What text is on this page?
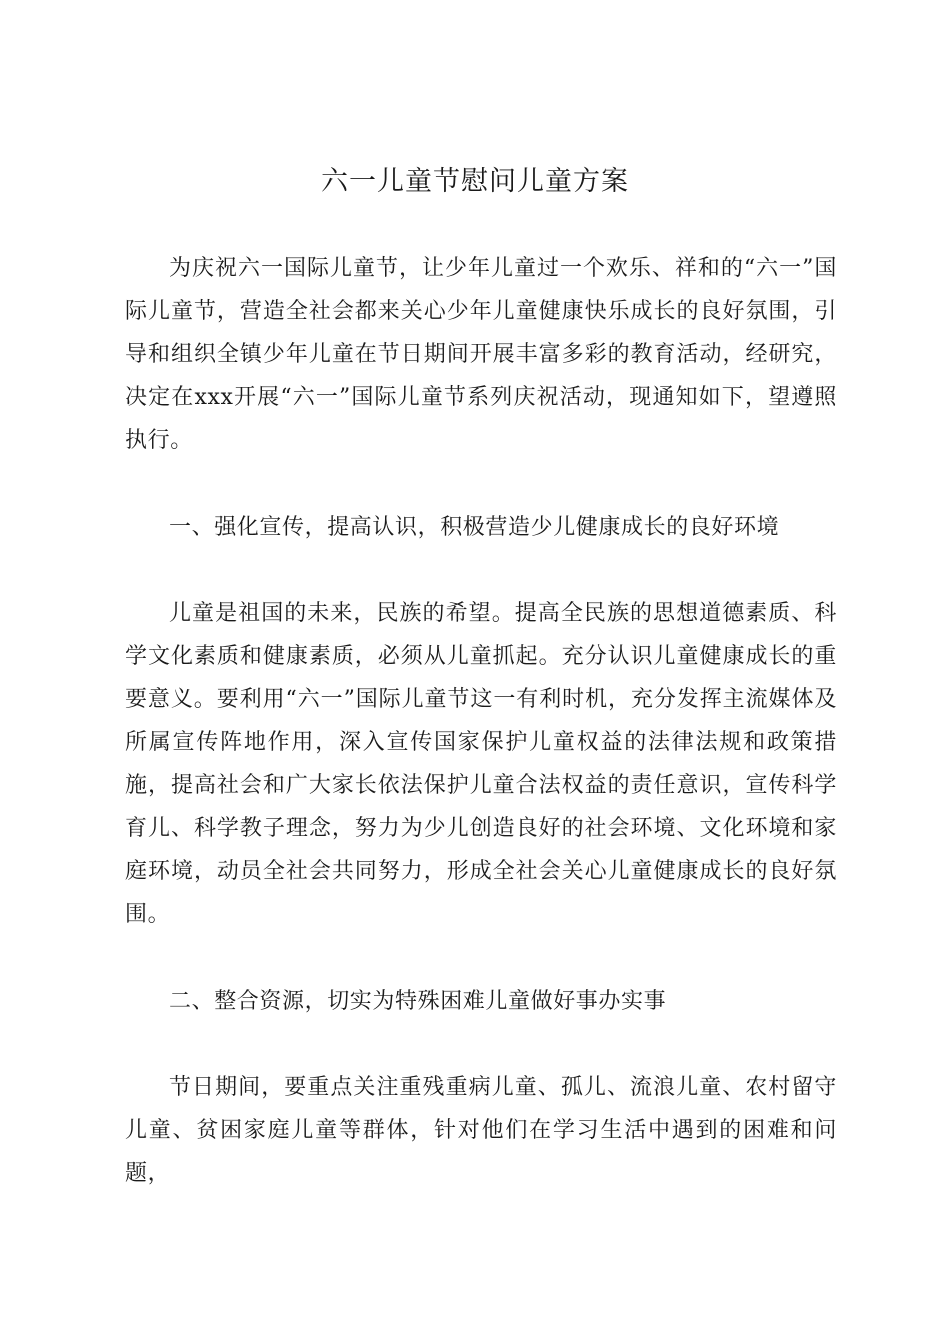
六一儿童节慰问儿童方案

为庆祝六一国际儿童节，让少年儿童过一个欢乐、祥和的“六一”国际儿童节，营造全社会都来关心少年儿童健康快乐成长的良好氛围，引导和组织全镇少年儿童在节日期间开展丰富多彩的教育活动，经研究，决定在xxx开展“六一”国际儿童节系列庆祝活动，现通知如下，望遵照执行。

一、强化宣传，提高认识，积极营造少儿健康成长的良好环境

儿童是祖国的未来，民族的希望。提高全民族的思想道德素质、科学文化素质和健康素质，必须从儿童抓起。充分认识儿童健康成长的重要意义。要利用“六一”国际儿童节这一有利时机，充分发挥主流媒体及所属宣传阵地作用，深入宣传国家保护儿童权益的法律法规和政策措施，提高社会和广大家长依法保护儿童合法权益的责任意识，宣传科学育儿、科学教子理念，努力为少儿创造良好的社会环境、文化环境和家庭环境，动员全社会共同努力，形成全社会关心儿童健康成长的良好氛围。

二、整合资源，切实为特殊困难儿童做好事办实事

节日期间，要重点关注重残重病儿童、孤儿、流浪儿童、农村留守儿童、贫困家庭儿童等群体，针对他们在学习生活中遇到的困难和问题，
